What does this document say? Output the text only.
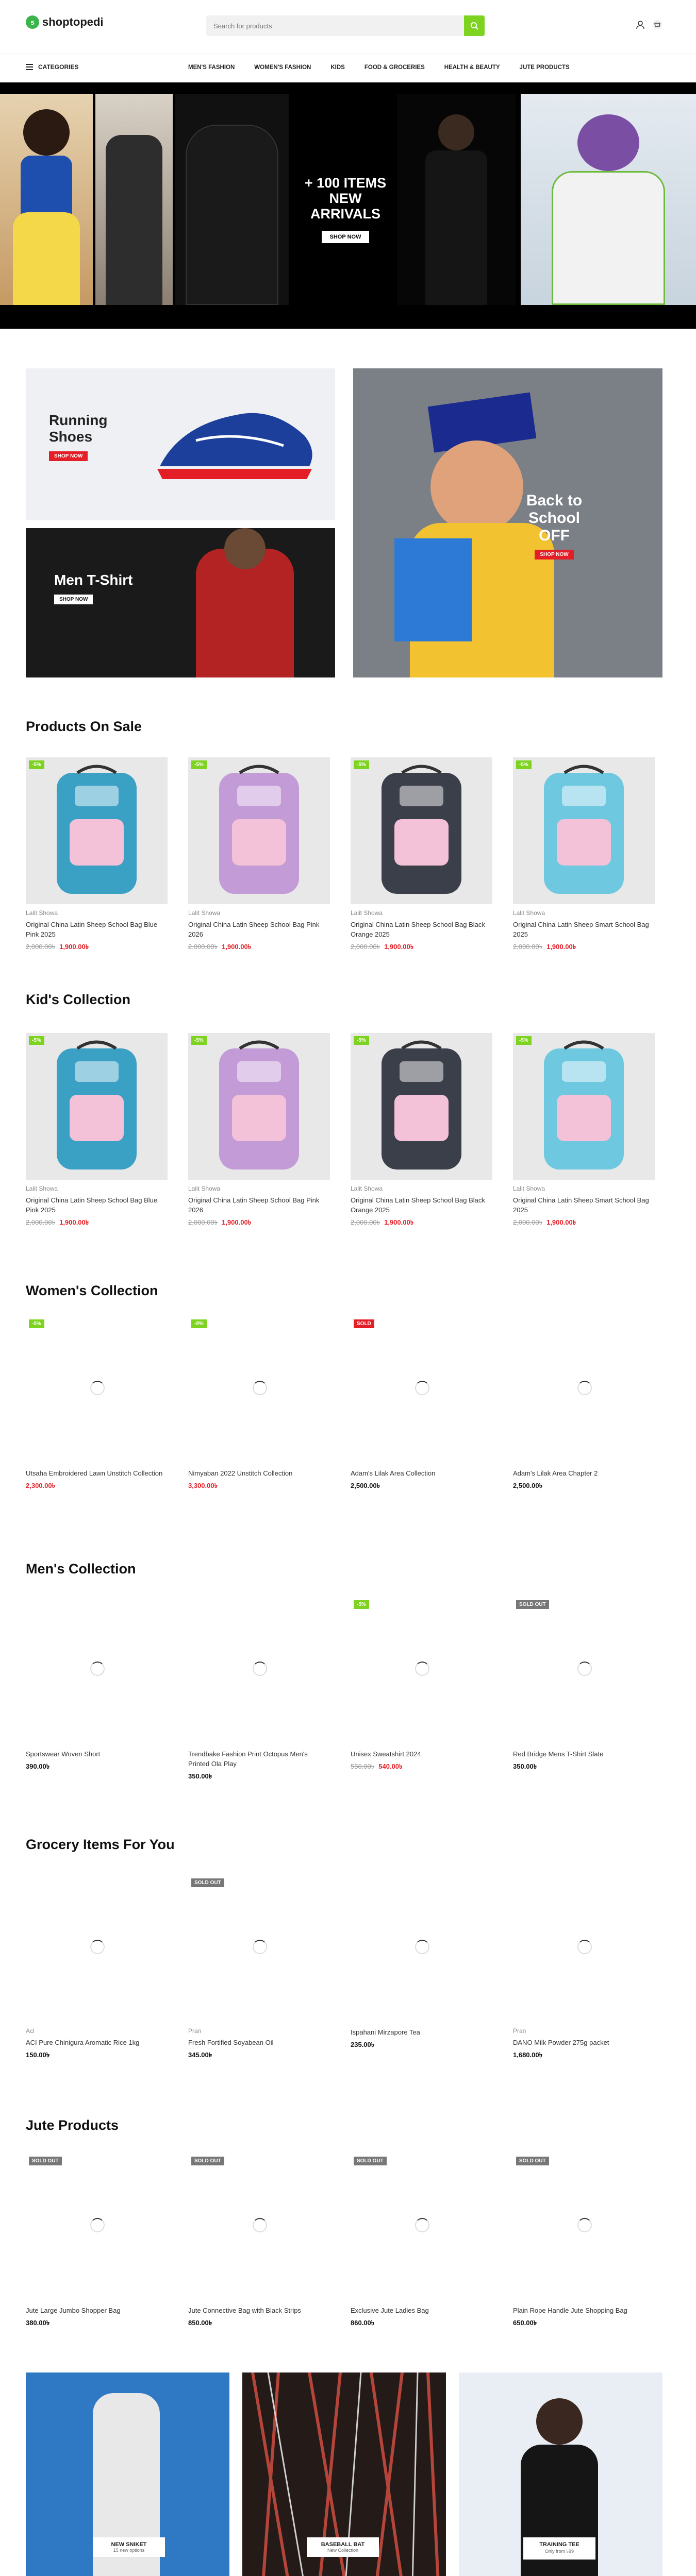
s shoptopedi
Search for products
CATEGORIES	MEN'S FASHION	WOMEN'S FASHION	KIDS	FOOD & GROCERIES	HEALTH & BEAUTY	JUTE PRODUCTS
+ 100 ITEMS NEW ARRIVALS
SHOP NOW
Running Shoes
SHOP NOW
Men T-Shirt
SHOP NOW
Back to School
OFF
SHOP NOW
Products On Sale
Kid's Collection
Women's Collection
Men's Collection
Grocery Items For You
Jute Products
NEW SNIKET
15 new options
BASEBALL BAT
New Collection
TRAINING TEE
Only from ৳99
-5%
Lalit Showa
Original China Latin Sheep School Bag Blue Pink 2025
2,000.00৳ 1,900.00৳
-5%
Lalit Showa
Original China Latin Sheep School Bag Pink 2026
2,000.00৳ 1,900.00৳
-5%
Lalit Showa
Original China Latin Sheep School Bag Black Orange 2025
2,000.00৳ 1,900.00৳
-5%
Lalit Showa
Original China Latin Sheep Smart School Bag 2025
2,000.00৳ 1,900.00৳
-5%
Lalit Showa
Original China Latin Sheep School Bag Blue Pink 2025
2,000.00৳ 1,900.00৳
-5%
Lalit Showa
Original China Latin Sheep School Bag Pink 2026
2,000.00৳ 1,900.00৳
-5%
Lalit Showa
Original China Latin Sheep School Bag Black Orange 2025
2,000.00৳ 1,900.00৳
-5%
Lalit Showa
Original China Latin Sheep Smart School Bag 2025
2,000.00৳ 1,900.00৳
-5%
Utsaha Embroidered Lawn Unstitch Collection
2,300.00৳
-8%
Nimyaban 2022 Unstitch Collection
3,300.00৳
SOLD
Adam's Lilak Area Collection
2,500.00৳
Adam's Lilak Area Chapter 2
2,500.00৳
Sportswear Woven Short
390.00৳
Trendbake Fashion Print Octopus Men's Printed Ola Play
350.00৳
-5%
Unisex Sweatshirt 2024
550.00৳ 540.00৳
SOLD OUT
Red Bridge Mens T-Shirt Slate
350.00৳
Acl
ACI Pure Chinigura Aromatic Rice 1kg
150.00৳
SOLD OUT
Pran
Fresh Fortified Soyabean Oil
345.00৳
Ispahani Mirzapore Tea
235.00৳
Pran
DANO Milk Powder 275g packet
1,680.00৳
SOLD OUT
Jute Large Jumbo Shopper Bag
380.00৳
SOLD OUT
Jute Connective Bag with Black Strips
850.00৳
SOLD OUT
Exclusive Jute Ladies Bag
860.00৳
SOLD OUT
Plain Rope Handle Jute Shopping Bag
650.00৳
